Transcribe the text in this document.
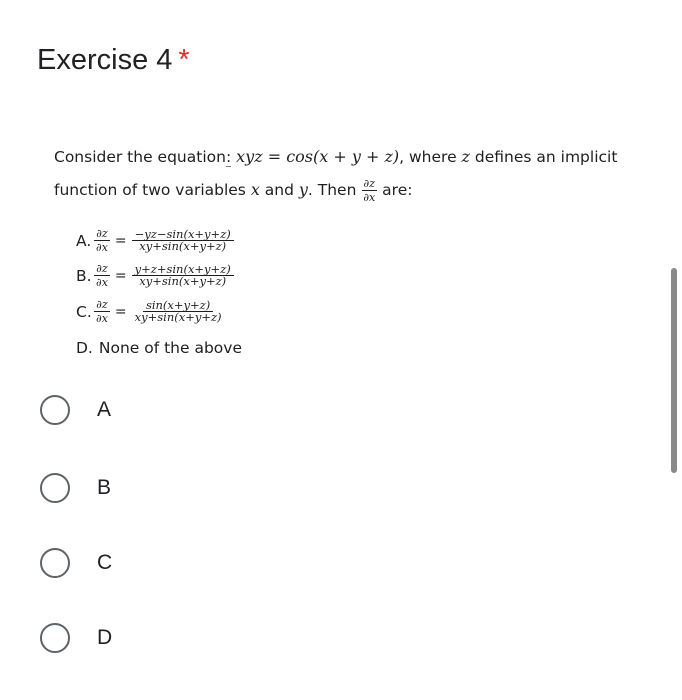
Exercise 4 *
Consider the equation: xyz = cos(x + y + z), where z defines an implicit
function of two variables x and y. Then $\frac{\partial z}{\partial x}$ are:
A. $\frac{\partial z}{\partial x} = \frac{-yz-\sin(x+y+z)}{xy+\sin(x+y+z)}$
B. $\frac{\partial z}{\partial x} = \frac{y+z+\sin(x+y+z)}{xy+\sin(x+y+z)}$
C. $\frac{\partial z}{\partial x} = \frac{\sin(x+y+z)}{xy+\sin(x+y+z)}$
D. None of the above
A
B
C
D
